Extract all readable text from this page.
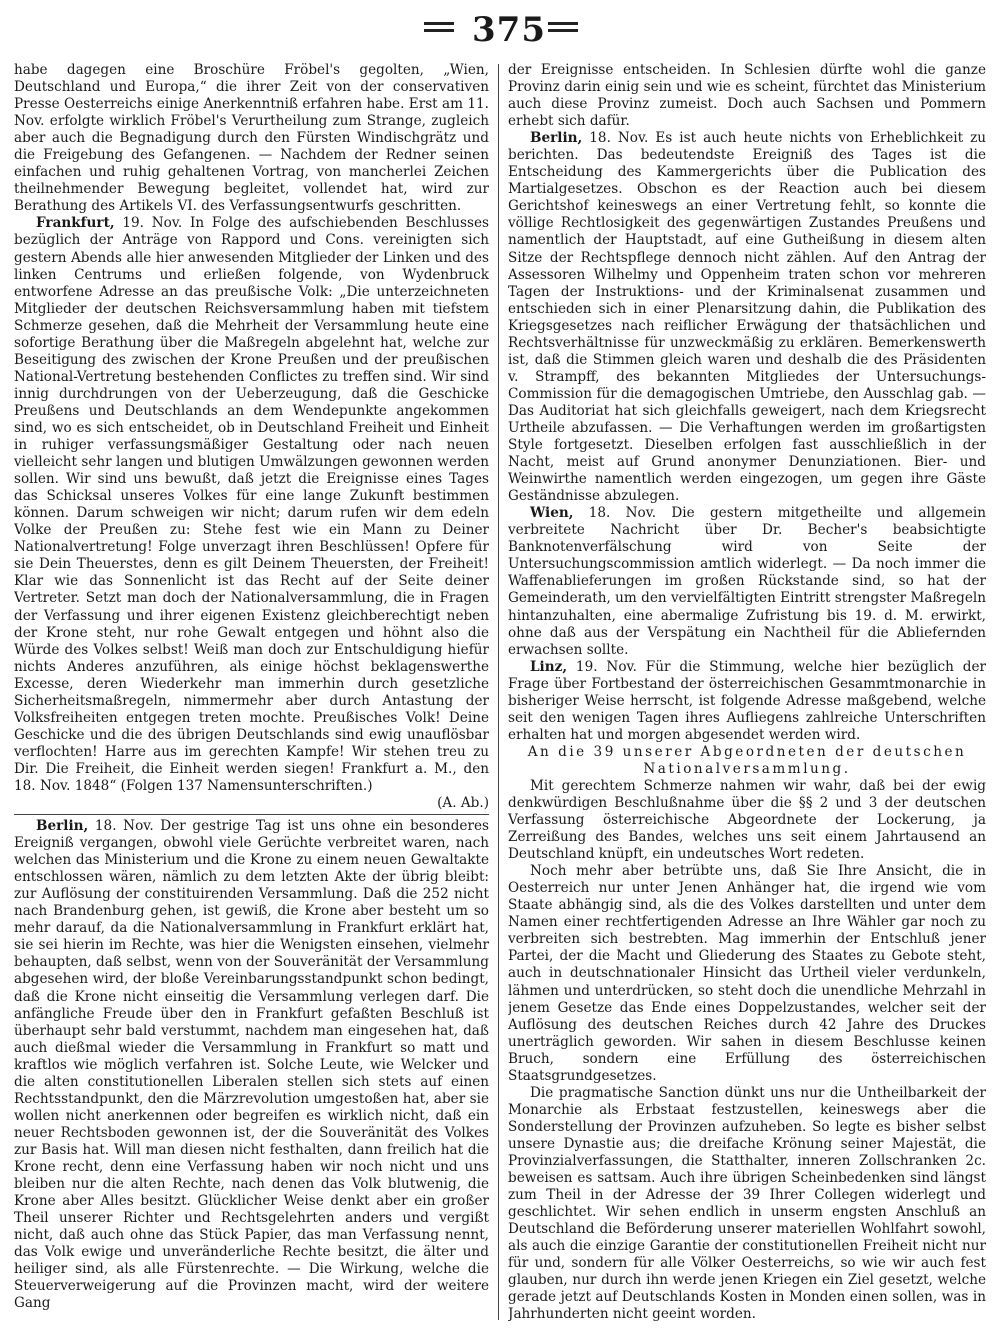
375

habe dagegen eine Broschüre Fröbel's gegolten, „Wien, Deutschland und Europa,“ die ihrer Zeit von der conservativen Presse Oesterreichs einige Anerkenntniß erfahren habe. Erst am 11. Nov. erfolgte wirklich Fröbel's Verurtheilung zum Strange, zugleich aber auch die Begnadigung durch den Fürsten Windischgrätz und die Freigebung des Gefangenen. — Nachdem der Redner seinen einfachen und ruhig gehaltenen Vortrag, von mancherlei Zeichen theilnehmender Bewegung begleitet, vollendet hat, wird zur Berathung des Artikels VI. des Verfassungsentwurfs geschritten.

Frankfurt, 19. Nov. In Folge des aufschiebenden Beschlusses bezüglich der Anträge von Rappord und Cons. vereinigten sich gestern Abends alle hier anwesenden Mitglieder der Linken und des linken Centrums und erließen folgende, von Wydenbruck entworfene Adresse an das preußische Volk: „Die unterzeichneten Mitglieder der deutschen Reichsversammlung haben mit tiefstem Schmerze gesehen, daß die Mehrheit der Versammlung heute eine sofortige Berathung über die Maßregeln abgelehnt hat, welche zur Beseitigung des zwischen der Krone Preußen und der preußischen National-Vertretung bestehenden Conflictes zu treffen sind. Wir sind innig durchdrungen von der Ueberzeugung, daß die Geschicke Preußens und Deutschlands an dem Wendepunkte angekommen sind, wo es sich entscheidet, ob in Deutschland Freiheit und Einheit in ruhiger verfassungsmäßiger Gestaltung oder nach neuen vielleicht sehr langen und blutigen Umwälzungen gewonnen werden sollen. Wir sind uns bewußt, daß jetzt die Ereignisse eines Tages das Schicksal unseres Volkes für eine lange Zukunft bestimmen können. Darum schweigen wir nicht; darum rufen wir dem edeln Volke der Preußen zu: Stehe fest wie ein Mann zu Deiner Nationalvertretung! Folge unverzagt ihren Beschlüssen! Opfere für sie Dein Theuerstes, denn es gilt Deinem Theuersten, der Freiheit! Klar wie das Sonnenlicht ist das Recht auf der Seite deiner Vertreter. Setzt man doch der Nationalversammlung, die in Fragen der Verfassung und ihrer eigenen Existenz gleichberechtigt neben der Krone steht, nur rohe Gewalt entgegen und höhnt also die Würde des Volkes selbst! Weiß man doch zur Entschuldigung hiefür nichts Anderes anzuführen, als einige höchst beklagenswerthe Excesse, deren Wiederkehr man immerhin durch gesetzliche Sicherheitsmaßregeln, nimmermehr aber durch Antastung der Volksfreiheiten entgegen treten mochte. Preußisches Volk! Deine Geschicke und die des übrigen Deutschlands sind ewig unauflösbar verflochten! Harre aus im gerechten Kampfe! Wir stehen treu zu Dir. Die Freiheit, die Einheit werden siegen! Frankfurt a. M., den 18. Nov. 1848“ (Folgen 137 Namensunterschriften.)

(A. Ab.)

Berlin, 18. Nov. Der gestrige Tag ist uns ohne ein besonderes Ereigniß vergangen, obwohl viele Gerüchte verbreitet waren, nach welchen das Ministerium und die Krone zu einem neuen Gewaltakte entschlossen wären, nämlich zu dem letzten Akte der übrig bleibt: zur Auflösung der constituirenden Versammlung. Daß die 252 nicht nach Brandenburg gehen, ist gewiß, die Krone aber besteht um so mehr darauf, da die Nationalversammlung in Frankfurt erklärt hat, sie sei hierin im Rechte, was hier die Wenigsten einsehen, vielmehr behaupten, daß selbst, wenn von der Souveränität der Versammlung abgesehen wird, der bloße Vereinbarungsstandpunkt schon bedingt, daß die Krone nicht einseitig die Versammlung verlegen darf. Die anfängliche Freude über den in Frankfurt gefaßten Beschluß ist überhaupt sehr bald verstummt, nachdem man eingesehen hat, daß auch dießmal wieder die Versammlung in Frankfurt so matt und kraftlos wie möglich verfahren ist. Solche Leute, wie Welcker und die alten constitutionellen Liberalen stellen sich stets auf einen Rechtsstandpunkt, den die Märzrevolution umgestoßen hat, aber sie wollen nicht anerkennen oder begreifen es wirklich nicht, daß ein neuer Rechtsboden gewonnen ist, der die Souveränität des Volkes zur Basis hat. Will man diesen nicht festhalten, dann freilich hat die Krone recht, denn eine Verfassung haben wir noch nicht und uns bleiben nur die alten Rechte, nach denen das Volk blutwenig, die Krone aber Alles besitzt. Glücklicher Weise denkt aber ein großer Theil unserer Richter und Rechtsgelehrten anders und vergißt nicht, daß auch ohne das Stück Papier, das man Verfassung nennt, das Volk ewige und unveränderliche Rechte besitzt, die älter und heiliger sind, als alle Fürstenrechte. — Die Wirkung, welche die Steuerverweigerung auf die Provinzen macht, wird der weitere Gang

der Ereignisse entscheiden. In Schlesien dürfte wohl die ganze Provinz darin einig sein und wie es scheint, fürchtet das Ministerium auch diese Provinz zumeist. Doch auch Sachsen und Pommern erhebt sich dafür.

Berlin, 18. Nov. Es ist auch heute nichts von Erheblichkeit zu berichten. Das bedeutendste Ereigniß des Tages ist die Entscheidung des Kammergerichts über die Publication des Martialgesetzes. Obschon es der Reaction auch bei diesem Gerichtshof keineswegs an einer Vertretung fehlt, so konnte die völlige Rechtlosigkeit des gegenwärtigen Zustandes Preußens und namentlich der Hauptstadt, auf eine Gutheißung in diesem alten Sitze der Rechtspflege dennoch nicht zählen. Auf den Antrag der Assessoren Wilhelmy und Oppenheim traten schon vor mehreren Tagen der Instruktions- und der Kriminalsenat zusammen und entschieden sich in einer Plenarsitzung dahin, die Publikation des Kriegsgesetzes nach reiflicher Erwägung der thatsächlichen und Rechtsverhältnisse für unzweckmäßig zu erklären. Bemerkenswerth ist, daß die Stimmen gleich waren und deshalb die des Präsidenten v. Strampff, des bekannten Mitgliedes der Untersuchungs-Commission für die demagogischen Umtriebe, den Ausschlag gab. — Das Auditoriat hat sich gleichfalls geweigert, nach dem Kriegsrecht Urtheile abzufassen. — Die Verhaftungen werden im großartigsten Style fortgesetzt. Dieselben erfolgen fast ausschließlich in der Nacht, meist auf Grund anonymer Denunziationen. Bier- und Weinwirthe namentlich werden eingezogen, um gegen ihre Gäste Geständnisse abzulegen.

Wien, 18. Nov. Die gestern mitgetheilte und allgemein verbreitete Nachricht über Dr. Becher's beabsichtigte Banknotenverfälschung wird von Seite der Untersuchungscommission amtlich widerlegt. — Da noch immer die Waffenablieferungen im großen Rückstande sind, so hat der Gemeinderath, um den vervielfältigten Eintritt strengster Maßregeln hintanzuhalten, eine abermalige Zufristung bis 19. d. M. erwirkt, ohne daß aus der Verspätung ein Nachtheil für die Abliefernden erwachsen sollte.

Linz, 19. Nov. Für die Stimmung, welche hier bezüglich der Frage über Fortbestand der österreichischen Gesammtmonarchie in bisheriger Weise herrscht, ist folgende Adresse maßgebend, welche seit den wenigen Tagen ihres Aufliegens zahlreiche Unterschriften erhalten hat und morgen abgesendet werden wird.

An die 39 unserer Abgeordneten der deutschen

Nationalversammlung.

Mit gerechtem Schmerze nahmen wir wahr, daß bei der ewig denkwürdigen Beschlußnahme über die §§ 2 und 3 der deutschen Verfassung österreichische Abgeordnete der Lockerung, ja Zerreißung des Bandes, welches uns seit einem Jahrtausend an Deutschland knüpft, ein undeutsches Wort redeten.

Noch mehr aber betrübte uns, daß Sie Ihre Ansicht, die in Oesterreich nur unter Jenen Anhänger hat, die irgend wie vom Staate abhängig sind, als die des Volkes darstellten und unter dem Namen einer rechtfertigenden Adresse an Ihre Wähler gar noch zu verbreiten sich bestrebten. Mag immerhin der Entschluß jener Partei, der die Macht und Gliederung des Staates zu Gebote steht, auch in deutschnationaler Hinsicht das Urtheil vieler verdunkeln, lähmen und unterdrücken, so steht doch die unendliche Mehrzahl in jenem Gesetze das Ende eines Doppelzustandes, welcher seit der Auflösung des deutschen Reiches durch 42 Jahre des Druckes unerträglich geworden. Wir sahen in diesem Beschlusse keinen Bruch, sondern eine Erfüllung des österreichischen Staatsgrundgesetzes.

Die pragmatische Sanction dünkt uns nur die Untheilbarkeit der Monarchie als Erbstaat festzustellen, keineswegs aber die Sonderstellung der Provinzen aufzuheben. So legte es bisher selbst unsere Dynastie aus; die dreifache Krönung seiner Majestät, die Provinzialverfassungen, die Statthalter, inneren Zollschranken 2c. beweisen es sattsam. Auch ihre übrigen Scheinbedenken sind längst zum Theil in der Adresse der 39 Ihrer Collegen widerlegt und geschlichtet. Wir sehen endlich in unserm engsten Anschluß an Deutschland die Beförderung unserer materiellen Wohlfahrt sowohl, als auch die einzige Garantie der constitutionellen Freiheit nicht nur für und, sondern für alle Völker Oesterreichs, so wie wir auch fest glauben, nur durch ihn werde jenen Kriegen ein Ziel gesetzt, welche gerade jetzt auf Deutschlands Kosten in Monden einen sollen, was in Jahrhunderten nicht geeint worden.
